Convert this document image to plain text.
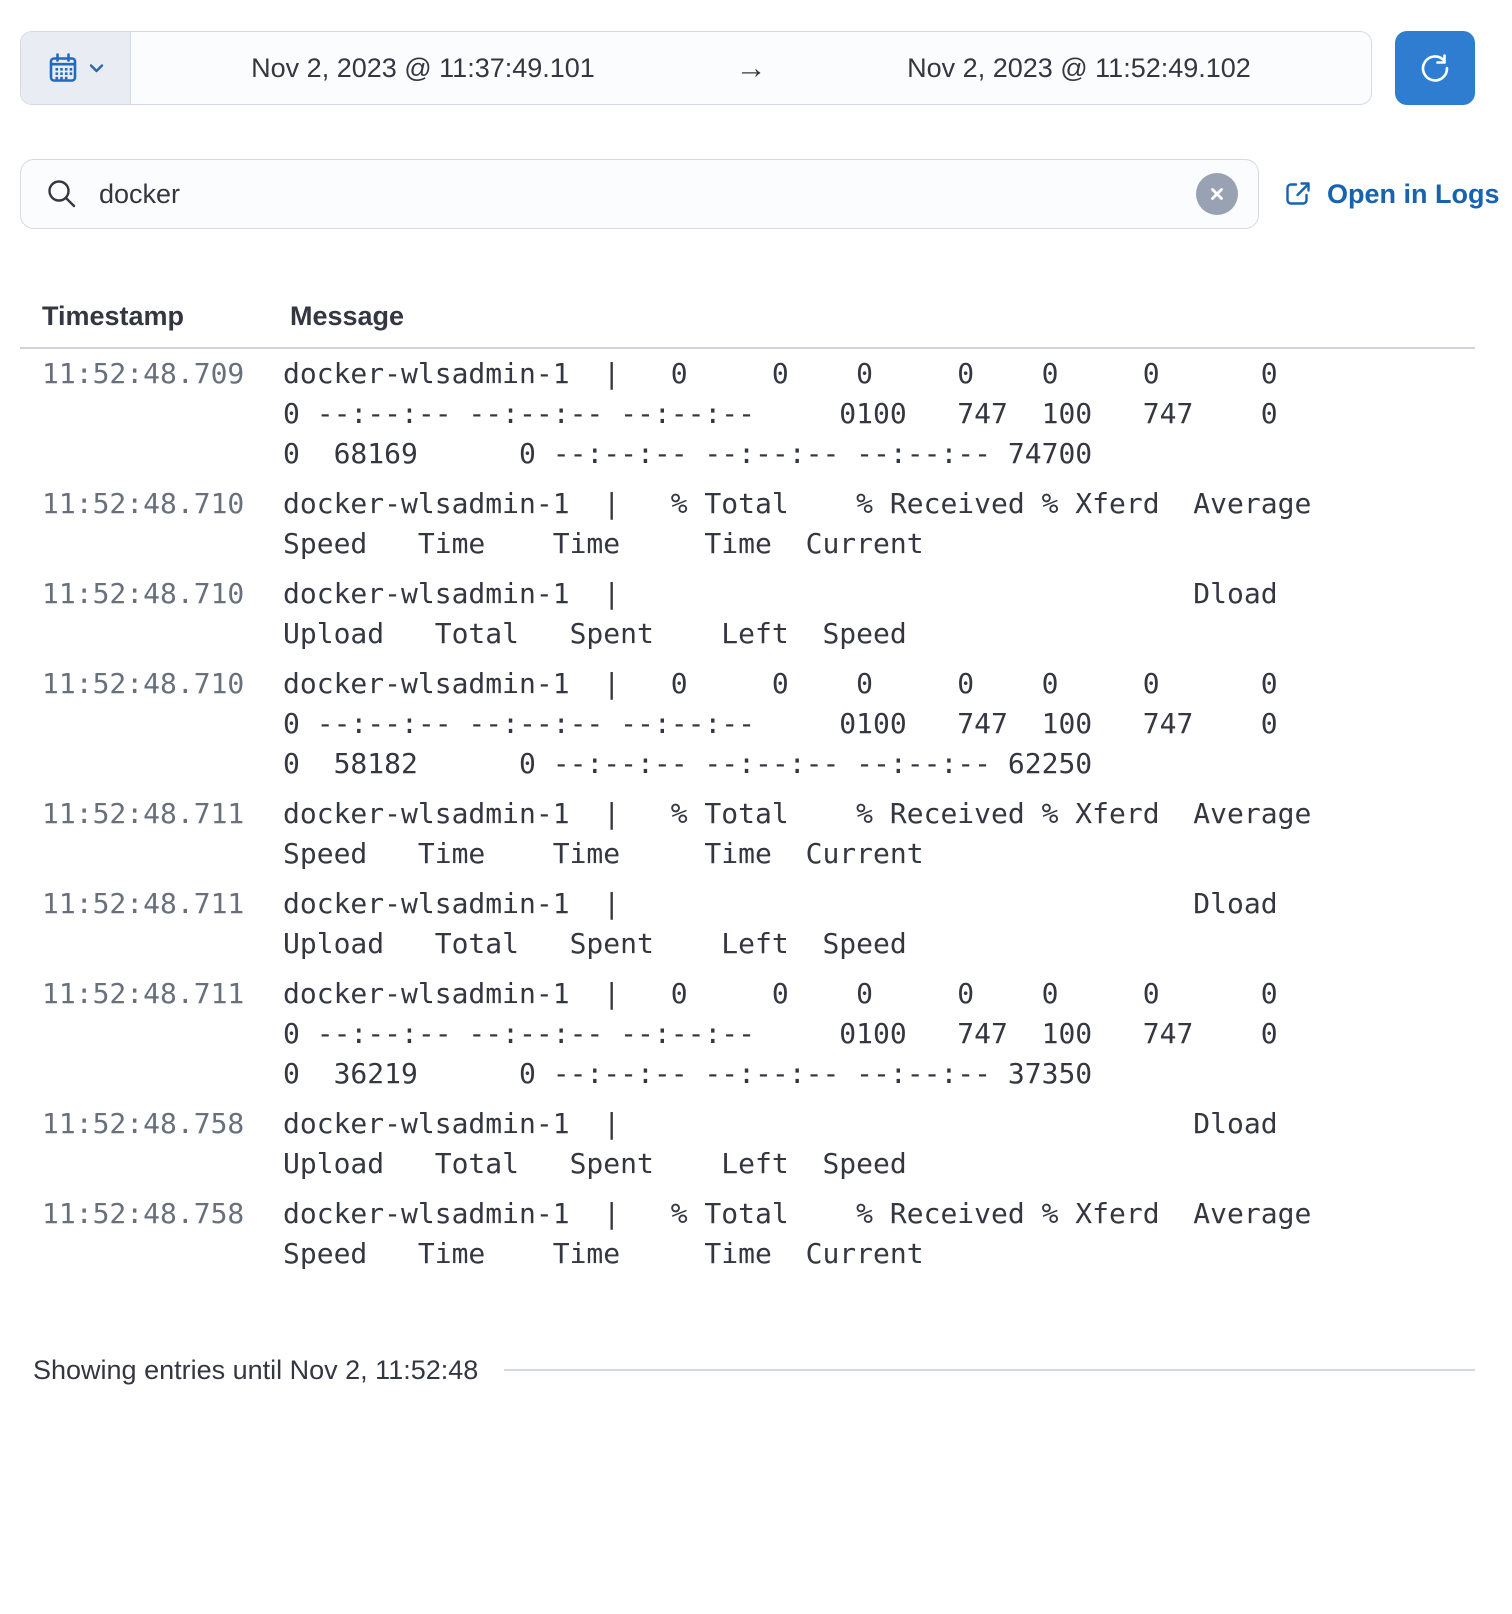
Nov 2, 2023 @ 11:37:49.101	→	Nov 2, 2023 @ 11:52:49.102
docker
Open in Logs
Timestamp	Message
11:52:48.709	docker-wlsadmin-1  |   0     0    0     0    0     0      0      0 --:--:-- --:--:-- --:--:--     0100   747  100   747    0     0  68169      0 --:--:-- --:--:-- --:--:-- 74700
11:52:48.710	docker-wlsadmin-1  |   % Total    % Received % Xferd  Average Speed   Time    Time     Time  Current
11:52:48.710	docker-wlsadmin-1  |                                  Dload  Upload   Total   Spent    Left  Speed
11:52:48.710	docker-wlsadmin-1  |   0     0    0     0    0     0      0      0 --:--:-- --:--:-- --:--:--     0100   747  100   747    0     0  58182      0 --:--:-- --:--:-- --:--:-- 62250
11:52:48.711	docker-wlsadmin-1  |   % Total    % Received % Xferd  Average Speed   Time    Time     Time  Current
11:52:48.711	docker-wlsadmin-1  |                                  Dload  Upload   Total   Spent    Left  Speed
11:52:48.711	docker-wlsadmin-1  |   0     0    0     0    0     0      0      0 --:--:-- --:--:-- --:--:--     0100   747  100   747    0     0  36219      0 --:--:-- --:--:-- --:--:-- 37350
11:52:48.758	docker-wlsadmin-1  |                                  Dload  Upload   Total   Spent    Left  Speed
11:52:48.758	docker-wlsadmin-1  |   % Total    % Received % Xferd  Average Speed   Time    Time     Time  Current
Showing entries until Nov 2, 11:52:48
